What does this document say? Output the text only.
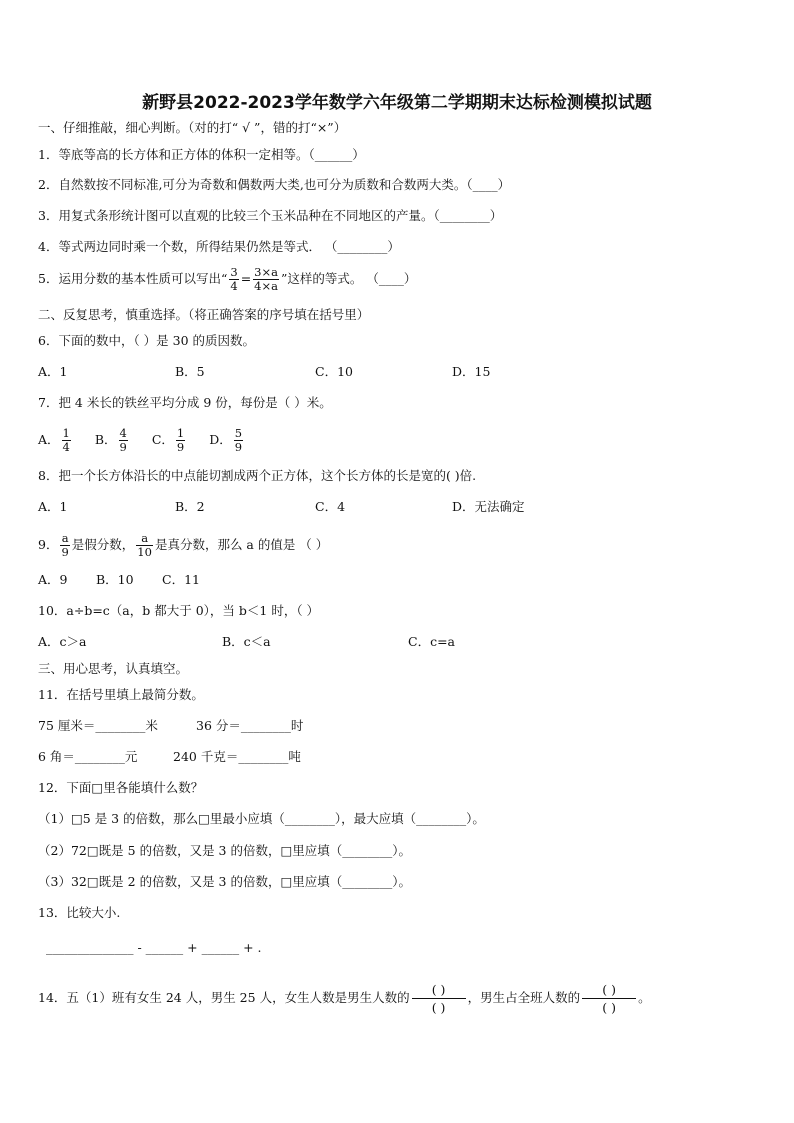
新野县2022-2023学年数学六年级第二学期期末达标检测模拟试题
一、仔细推敲，细心判断。（对的打“ √ ”，错的打“×”）
1．等底等高的长方体和正方体的体积一定相等。（______）
2．自然数按不同标准,可分为奇数和偶数两大类,也可分为质数和合数两大类。（____）
3．用复式条形统计图可以直观的比较三个玉米品种在不同地区的产量。（________）
4．等式两边同时乘一个数，所得结果仍然是等式． （________）
5．运用分数的基本性质可以写出“ $\frac{3}{4} = \frac{3\times a}{4\times a}$ ”这样的等式。 （____）
二、反复思考，慎重选择。（将正确答案的序号填在括号里）
6．下面的数中，（ ）是 30 的质因数。
A．1	B．5	C．10	D．15
7．把 4 米长的铁丝平均分成 9 份，每份是（ ）米。
A． $\frac{1}{4}$ B． $\frac{4}{9}$ C． $\frac{1}{9}$ D． $\frac{5}{9}$
8．把一个长方体沿长的中点能切割成两个正方体，这个长方体的长是宽的( )倍.
A．1	B．2	C．4	D．无法确定
9． $\frac{a}{9}$ 是假分数， $\frac{a}{10}$ 是真分数，那么 a 的值是 （ ）
A．9 B．10 C．11
10．a÷b=c（a，b 都大于 0），当 b＜1 时，（ ）
A．c＞a	B．c＜a	C．c=a
三、用心思考，认真填空。
11．在括号里填上最简分数。
75 厘米＝________米	36 分＝________时
6 角＝________元	240 千克＝________吨
12．下面□里各能填什么数？
（1）□5 是 3 的倍数，那么□里最小应填（________），最大应填（________）。
（2）72□既是 5 的倍数，又是 3 的倍数，□里应填（________）。
（3）32□既是 2 的倍数，又是 3 的倍数，□里应填（________）。
13．比较大小.
______________ - ______ + ______ + .
14．五（1）班有女生 24 人，男生 25 人，女生人数是男生人数的
( )
( )
，男生占全班人数的
( )
( )
。
